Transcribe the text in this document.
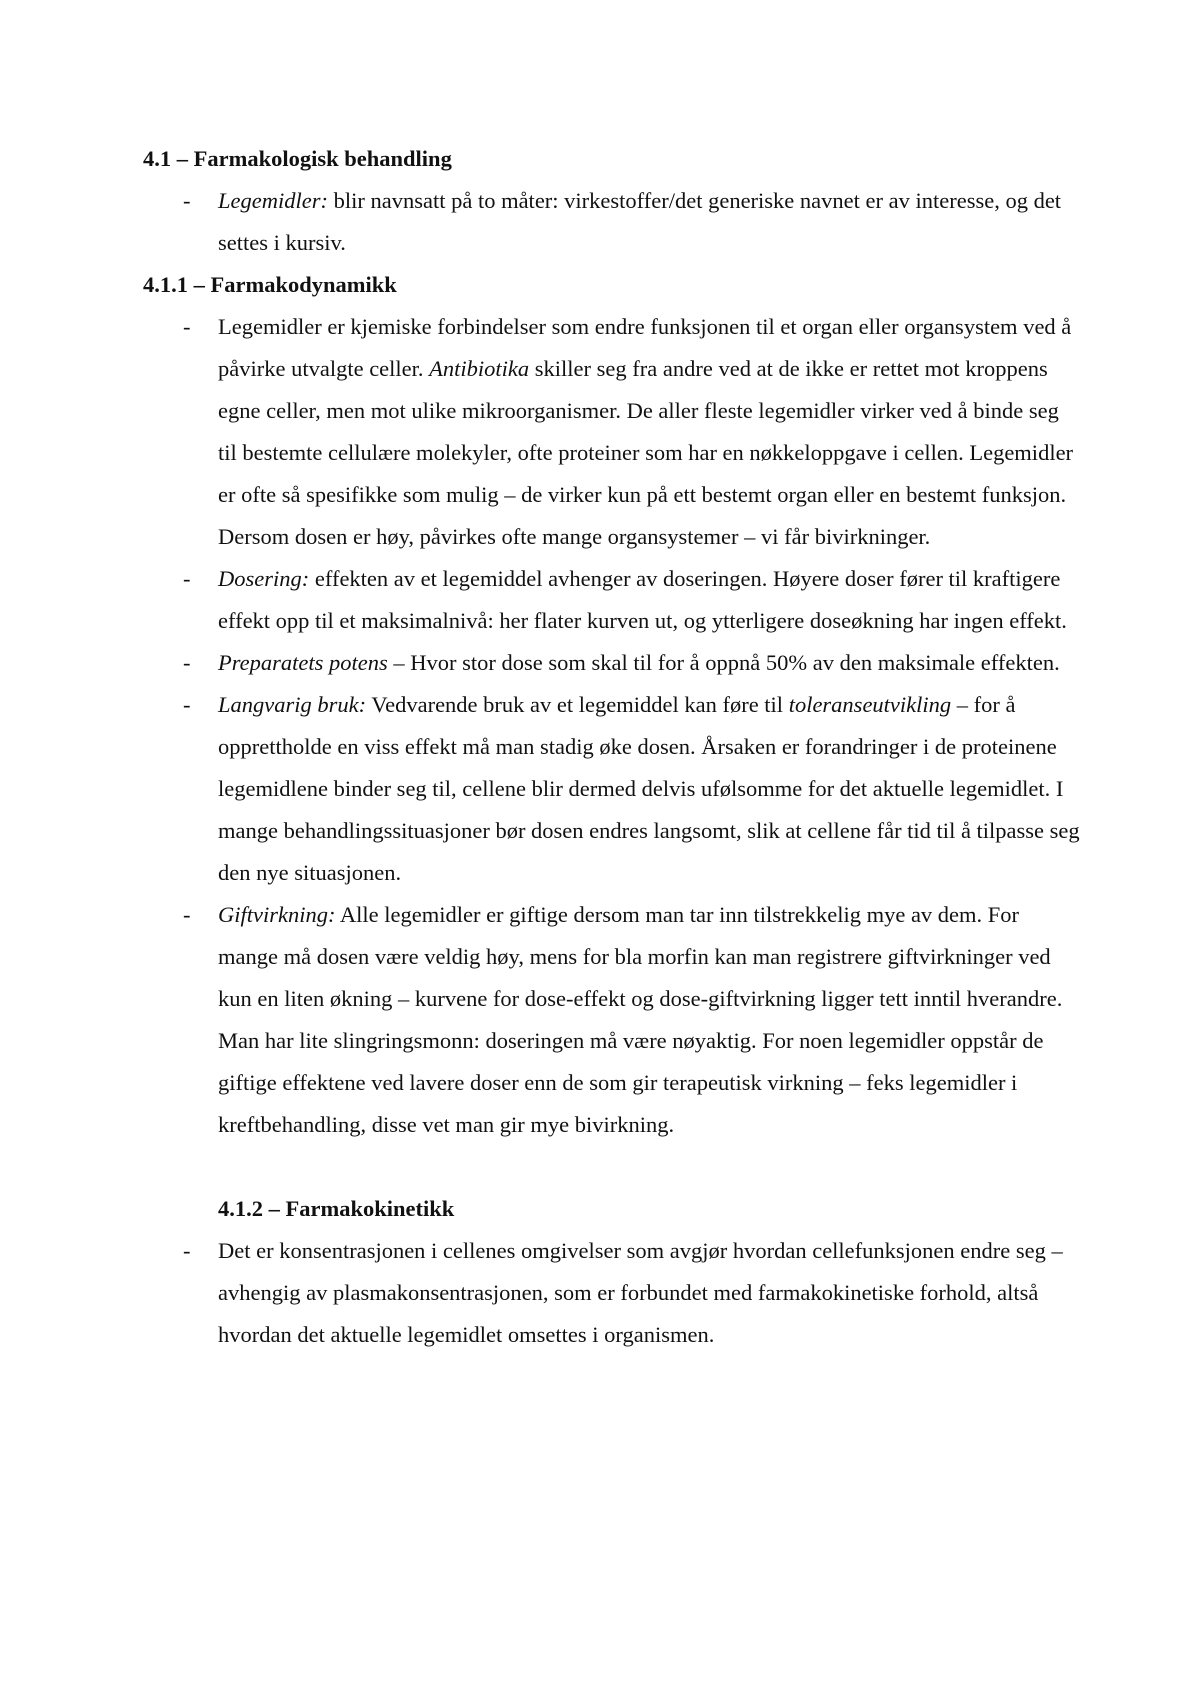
4.1 – Farmakologisk behandling
- Legemidler: blir navnsatt på to måter: virkestoffer/det generiske navnet er av interesse, og det settes i kursiv.
4.1.1 – Farmakodynamikk
- Legemidler er kjemiske forbindelser som endre funksjonen til et organ eller organsystem ved å påvirke utvalgte celler. Antibiotika skiller seg fra andre ved at de ikke er rettet mot kroppens egne celler, men mot ulike mikroorganismer. De aller fleste legemidler virker ved å binde seg til bestemte cellulære molekyler, ofte proteiner som har en nøkkeloppgave i cellen. Legemidler er ofte så spesifikke som mulig – de virker kun på ett bestemt organ eller en bestemt funksjon. Dersom dosen er høy, påvirkes ofte mange organsystemer – vi får bivirkninger.
- Dosering: effekten av et legemiddel avhenger av doseringen. Høyere doser fører til kraftigere effekt opp til et maksimalnivå: her flater kurven ut, og ytterligere doseøkning har ingen effekt.
- Preparatets potens – Hvor stor dose som skal til for å oppnå 50% av den maksimale effekten.
- Langvarig bruk: Vedvarende bruk av et legemiddel kan føre til toleranseutvikling – for å opprettholde en viss effekt må man stadig øke dosen. Årsaken er forandringer i de proteinene legemidlene binder seg til, cellene blir dermed delvis ufølsomme for det aktuelle legemidlet. I mange behandlingssituasjoner bør dosen endres langsomt, slik at cellene får tid til å tilpasse seg den nye situasjonen.
- Giftvirkning: Alle legemidler er giftige dersom man tar inn tilstrekkelig mye av dem. For mange må dosen være veldig høy, mens for bla morfin kan man registrere giftvirkninger ved kun en liten økning – kurvene for dose-effekt og dose-giftvirkning ligger tett inntil hverandre. Man har lite slingringsmonn: doseringen må være nøyaktig. For noen legemidler oppstår de giftige effektene ved lavere doser enn de som gir terapeutisk virkning – feks legemidler i kreftbehandling, disse vet man gir mye bivirkning.
4.1.2 – Farmakokinetikk
- Det er konsentrasjonen i cellenes omgivelser som avgjør hvordan cellefunksjonen endre seg – avhengig av plasmakonsentrasjonen, som er forbundet med farmakokinetiske forhold, altså hvordan det aktuelle legemidlet omsettes i organismen.
